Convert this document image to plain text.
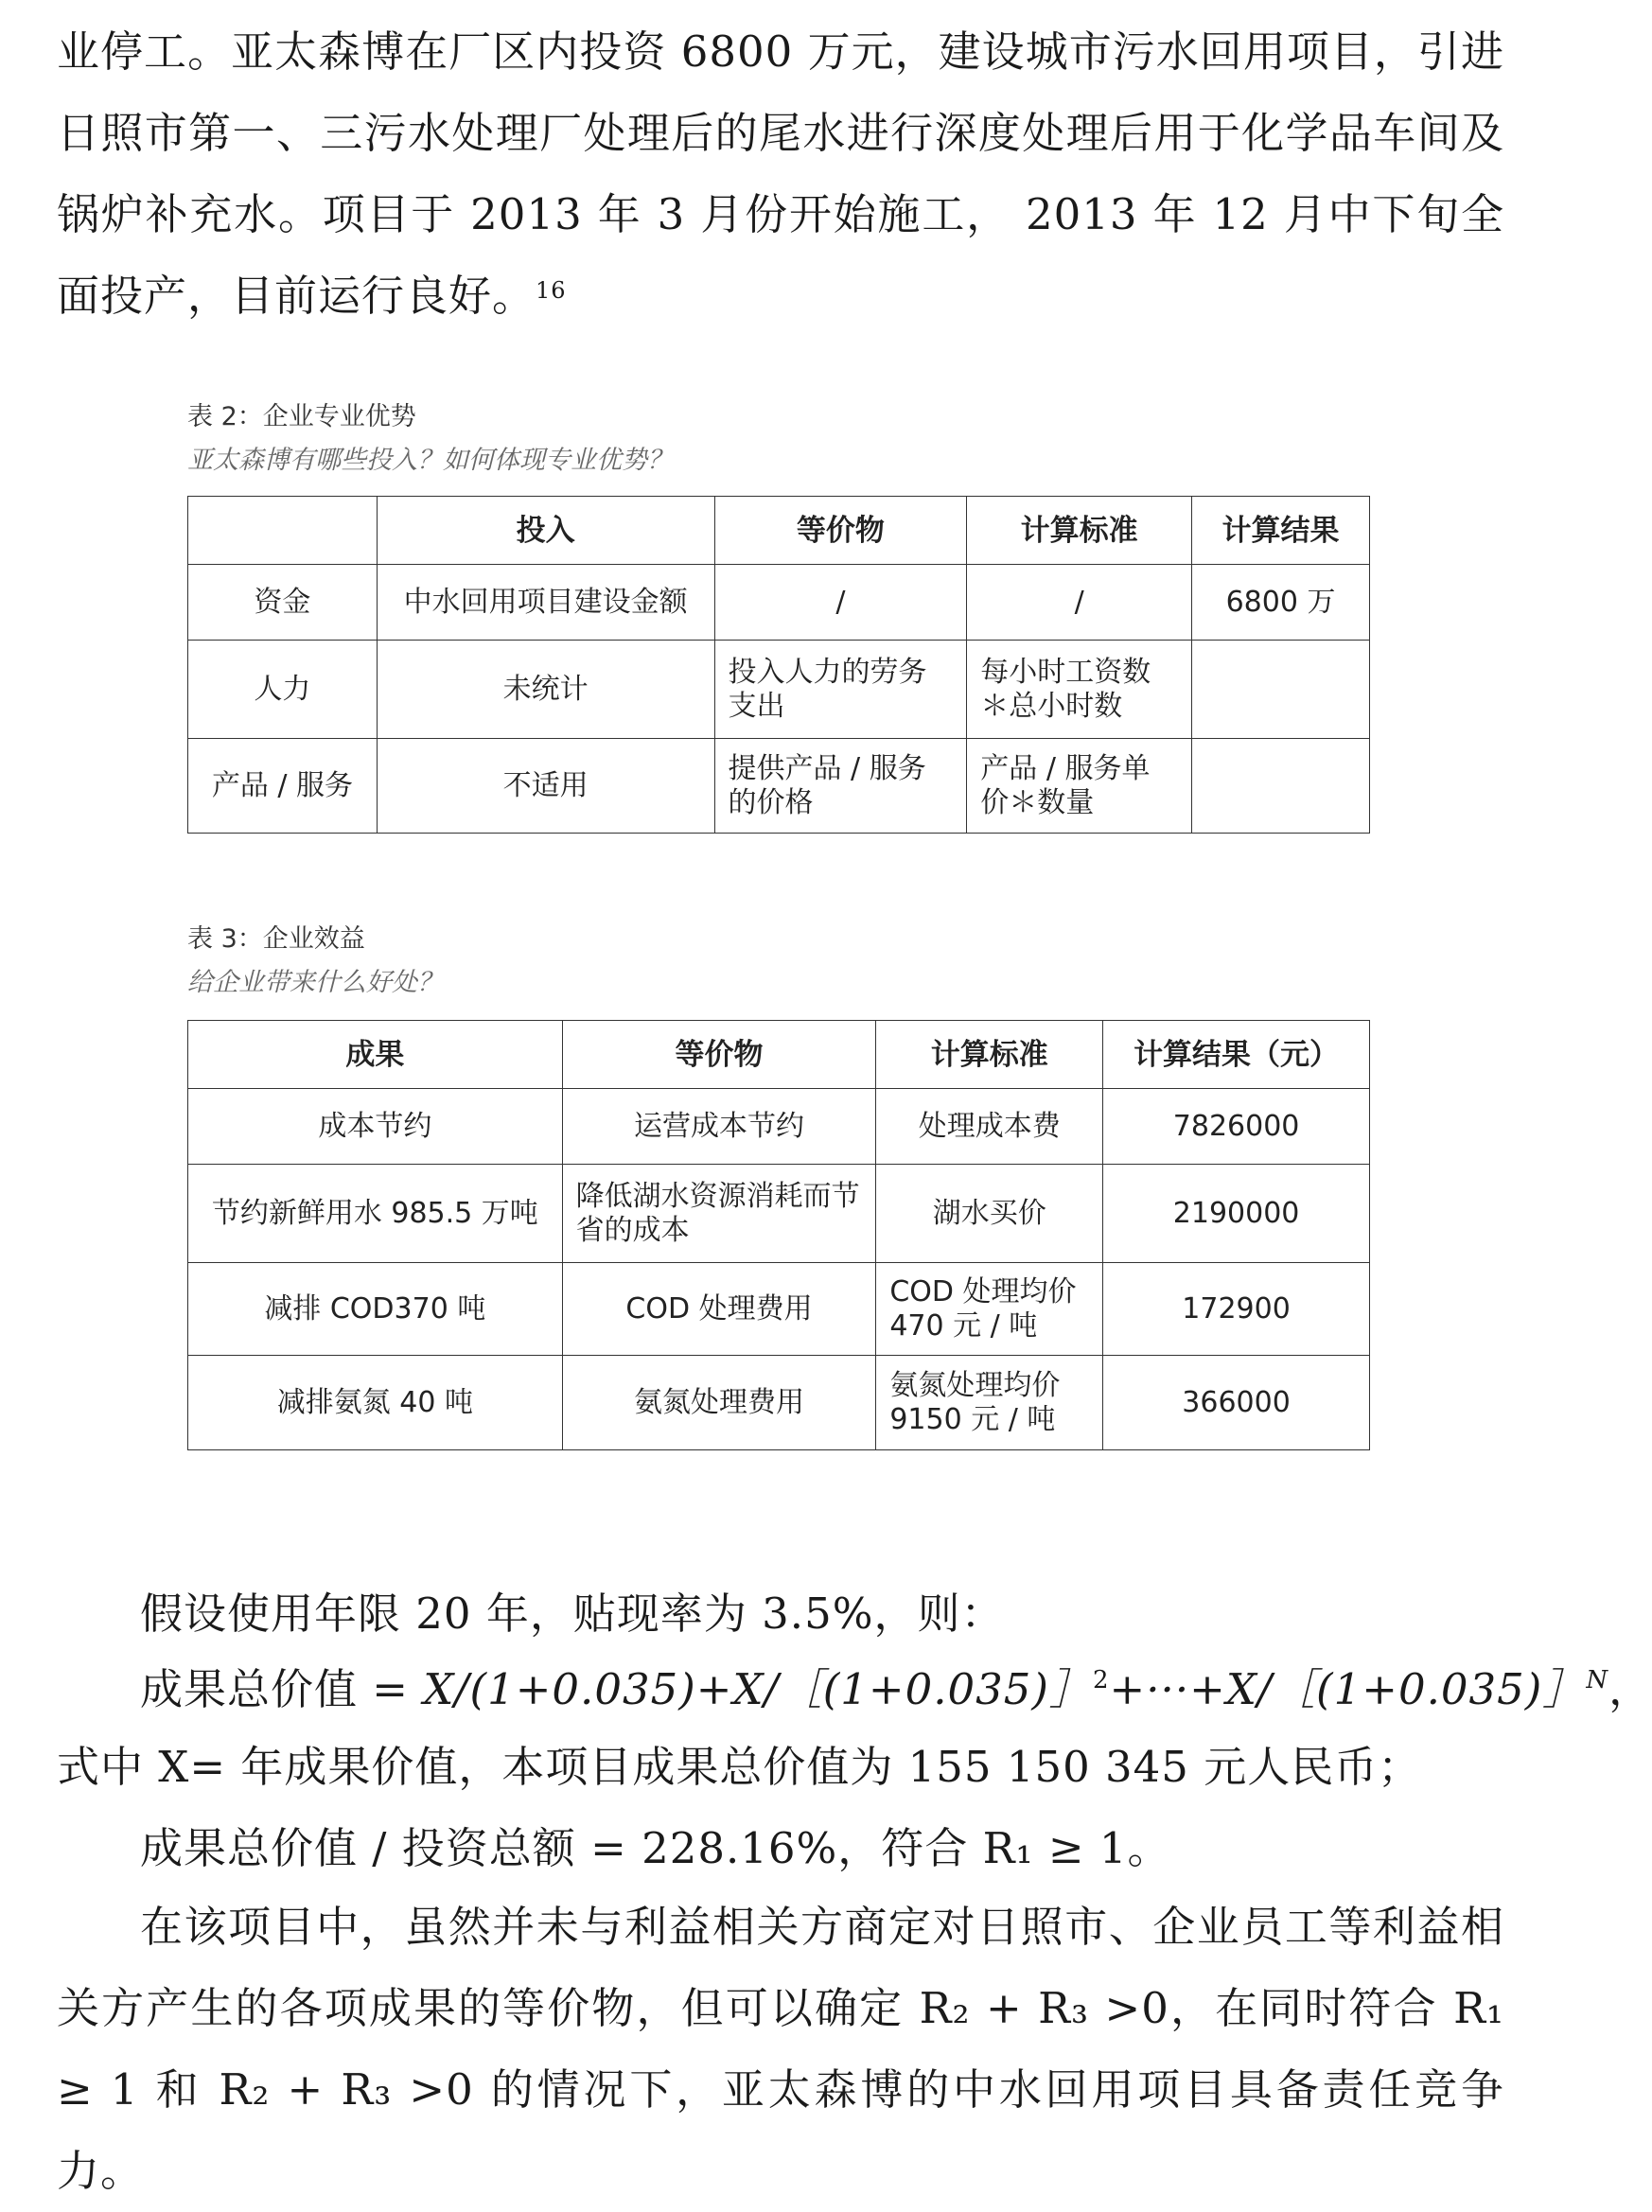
业停工。亚太森博在厂区内投资 6800 万元，建设城市污水回用项目，引进日照市第一、三污水处理厂处理后的尾水进行深度处理后用于化学品车间及锅炉补充水。项目于 2013 年 3 月份开始施工， 2013 年 12 月中下旬全面投产，目前运行良好。$^{16}$
表 2：企业专业优势
亚太森博有哪些投入？如何体现专业优势？
	投入	等价物	计算标准	计算结果
资金	中水回用项目建设金额	/	/	6800 万
人力	未统计	投入人力的劳务支出	每小时工资数 ＊总小时数	
产品 / 服务	不适用	提供产品 / 服务的价格	产品 / 服务单价＊数量	
表 3：企业效益
给企业带来什么好处？
成果	等价物	计算标准	计算结果（元）
成本节约	运营成本节约	处理成本费	7826000
节约新鲜用水 985.5 万吨	降低湖水资源消耗而节省的成本	湖水买价	2190000
减排 COD370 吨	COD 处理费用	COD 处理均价 470 元 / 吨	172900
减排氨氮 40 吨	氨氮处理费用	氨氮处理均价 9150 元 / 吨	366000
假设使用年限 20 年，贴现率为 3.5%，则：
成果总价值 = X/(1+0.035)+X/［(1+0.035)］$^2$+···+X/［(1+0.035)］$^N$，
式中 X= 年成果价值，本项目成果总价值为 155 150 345 元人民币；
成果总价值 / 投资总额 = 228.16%，符合 R₁ ≥ 1。
在该项目中，虽然并未与利益相关方商定对日照市、企业员工等利益相关方产生的各项成果的等价物，但可以确定 R₂ + R₃ >0，在同时符合 R₁ ≥ 1 和 R₂ + R₃ >0 的情况下，亚太森博的中水回用项目具备责任竞争力。
